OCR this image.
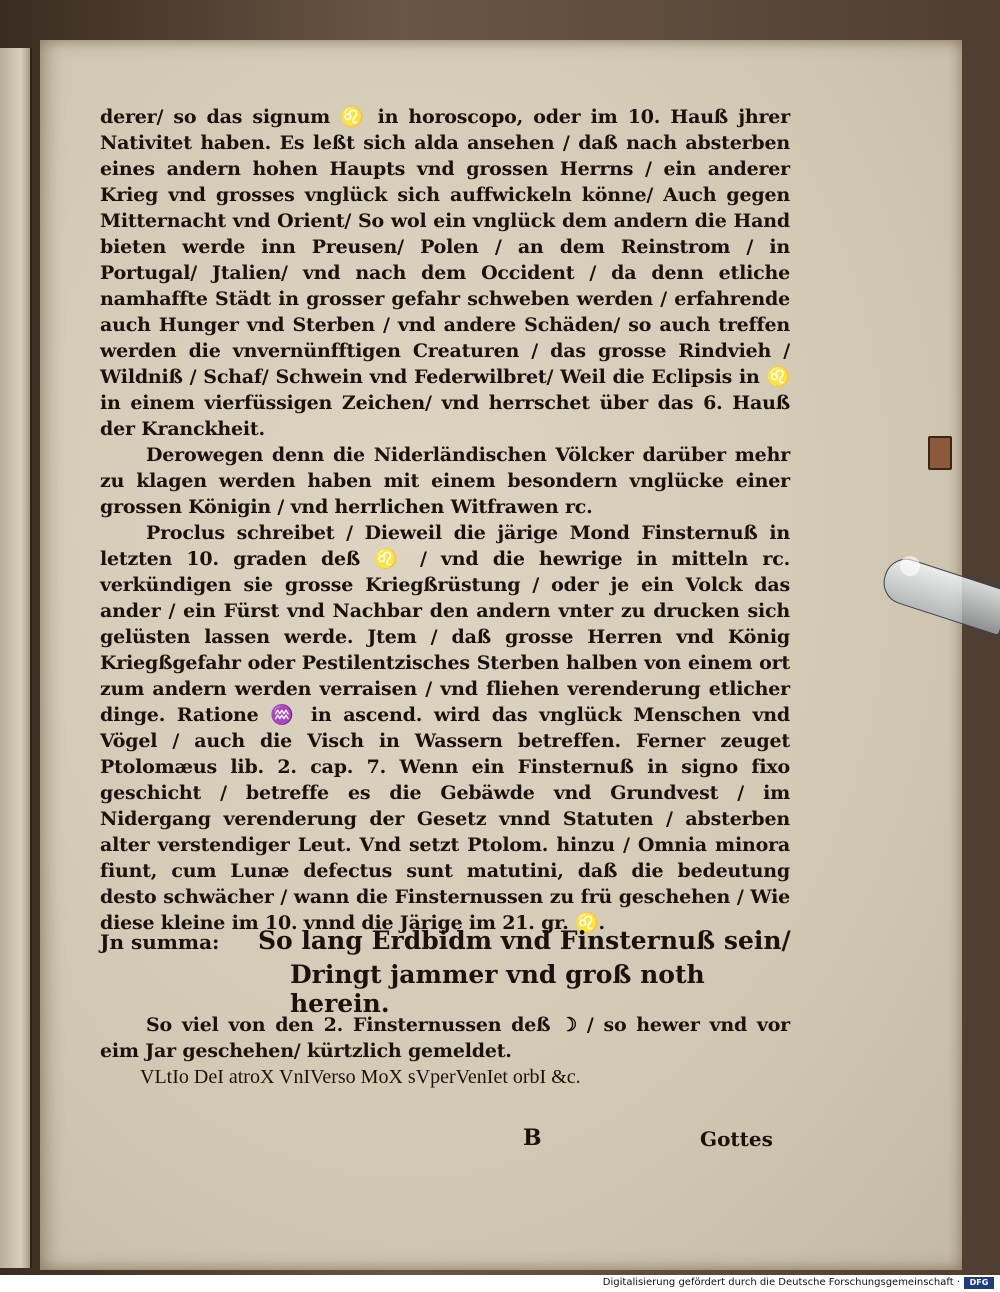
derer/ so das signum ♌ in horoscopo, oder im 10. Hauß jhrer Nativitet haben. Es leßt sich alda ansehen / daß nach absterben eines andern hohen Haupts vnd grossen Herrns / ein anderer Krieg vnd grosses vnglück sich auffwickeln könne/ Auch gegen Mitternacht vnd Orient/ So wol ein vnglück dem andern die Hand bieten werde inn Preusen/ Polen / an dem Reinstrom / in Portugal/ Jtalien/ vnd nach dem Occident / da denn etliche namhaffte Städt in grosser gefahr schweben werden / erfahrende auch Hunger vnd Sterben / vnd andere Schäden/ so auch treffen werden die vnvernünfftigen Creaturen / das grosse Rindvieh / Wildniß / Schaf/ Schwein vnd Federwilbret/ Weil die Eclipsis in ♌ in einem vierfüssigen Zeichen/ vnd herrschet über das 6. Hauß der Kranckheit.

Derowegen denn die Niderländischen Völcker darüber mehr zu klagen werden haben mit einem besondern vnglücke einer grossen Königin / vnd herrlichen Witfrawen rc.

Proclus schreibet / Dieweil die järige Mond Finsternuß in letzten 10. graden deß ♌ / vnd die hewrige in mitteln rc. verkündigen sie grosse Kriegßrüstung / oder je ein Volck das ander / ein Fürst vnd Nachbar den andern vnter zu drucken sich gelüsten lassen werde. Jtem / daß grosse Herren vnd König Kriegßgefahr oder Pestilentzisches Sterben halben von einem ort zum andern werden verraisen / vnd fliehen verenderung etlicher dinge. Ratione ♒ in ascend. wird das vnglück Menschen vnd Vögel / auch die Visch in Wassern betreffen. Ferner zeuget Ptolomæus lib. 2. cap. 7. Wenn ein Finsternuß in signo fixo geschicht / betreffe es die Gebäwde vnd Grundvest / im Nidergang verenderung der Gesetz vnnd Statuten / absterben alter verstendiger Leut. Vnd setzt Ptolom. hinzu / Omnia minora fiunt, cum Lunæ defectus sunt matutini, daß die bedeutung desto schwächer / wann die Finsternussen zu frü geschehen / Wie diese kleine im 10. vnnd die Järige im 21. gr. ♌.

Jn summa: So lang Erdbidm vnd Finsternuß sein/
Dringt jammer vnd groß noth herein.

So viel von den 2. Finsternussen deß ☽ / so hewer vnd vor eim Jar geschehen/ kürtzlich gemeldet.

VLtIo DeI atroX VnIVerso MoX sVperVenIet orbI &c.
B	Gottes
Digitalisierung gefördert durch die Deutsche Forschungsgemeinschaft ·	DFG
